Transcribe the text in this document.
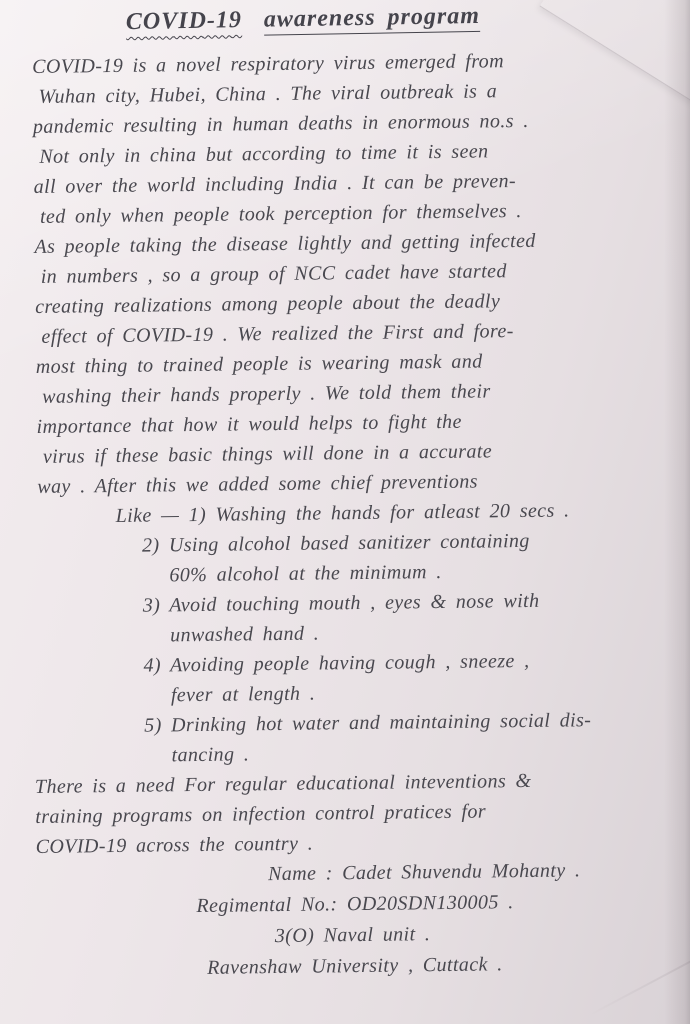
COVID-19 awareness program
COVID-19 is a novel respiratory virus emerged from
Wuhan city, Hubei, China . The viral outbreak is a
pandemic resulting in human deaths in enormous no.s .
Not only in china but according to time it is seen
all over the world including India . It can be preven-
ted only when people took perception for themselves .
As people taking the disease lightly and getting infected
in numbers , so a group of NCC cadet have started
creating realizations among people about the deadly
effect of COVID-19 . We realized the First and fore-
most thing to trained people is wearing mask and
washing their hands properly . We told them their
importance that how it would helps to fight the
virus if these basic things will done in a accurate
way . After this we added some chief preventions
Like — 1) Washing the hands for atleast 20 secs .
2) Using alcohol based sanitizer containing
60% alcohol at the minimum .
3) Avoid touching mouth , eyes & nose with
unwashed hand .
4) Avoiding people having cough , sneeze ,
fever at length .
5) Drinking hot water and maintaining social dis-
tancing .
There is a need For regular educational inteventions &
training programs on infection control pratices for
COVID-19 across the country .
Name : Cadet Shuvendu Mohanty .
Regimental No.: OD20SDN130005 .
3(O) Naval unit .
Ravenshaw University , Cuttack .
